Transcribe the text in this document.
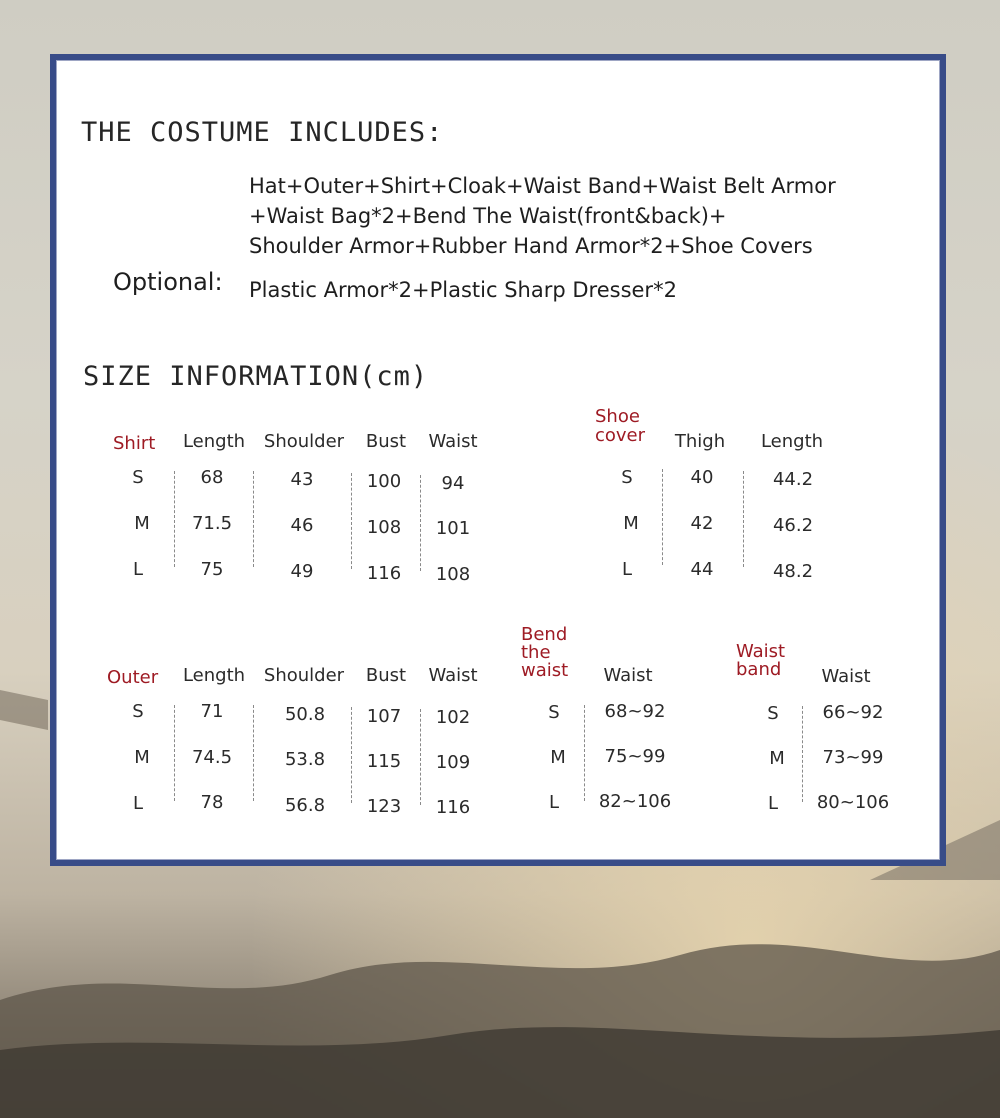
THE COSTUME INCLUDES:
Hat+Outer+Shirt+Cloak+Waist Band+Waist Belt Armor
+Waist Bag*2+Bend The Waist(front&back)+
Shoulder Armor+Rubber Hand Armor*2+Shoe Covers
Optional: Plastic Armor*2+Plastic Sharp Dresser*2
SIZE INFORMATION(cm)
Shirt Length Shoulder Bust Waist
S	68	43	100 94
M 71.5	46	108 101
L	75	49	116 108
Shoe
cover Thigh Length
S	40	44.2
M	42	46.2
L	44	48.2
Outer Length Shoulder Bust Waist
S	71	50.8 107 102
M 74.5	53.8 115 109
L	78	56.8 123 116
Bend
the
waist Waist
S 68~92
M 75~99
L 82~106
Waist
band Waist
S 66~92
M 73~99
L 80~106
